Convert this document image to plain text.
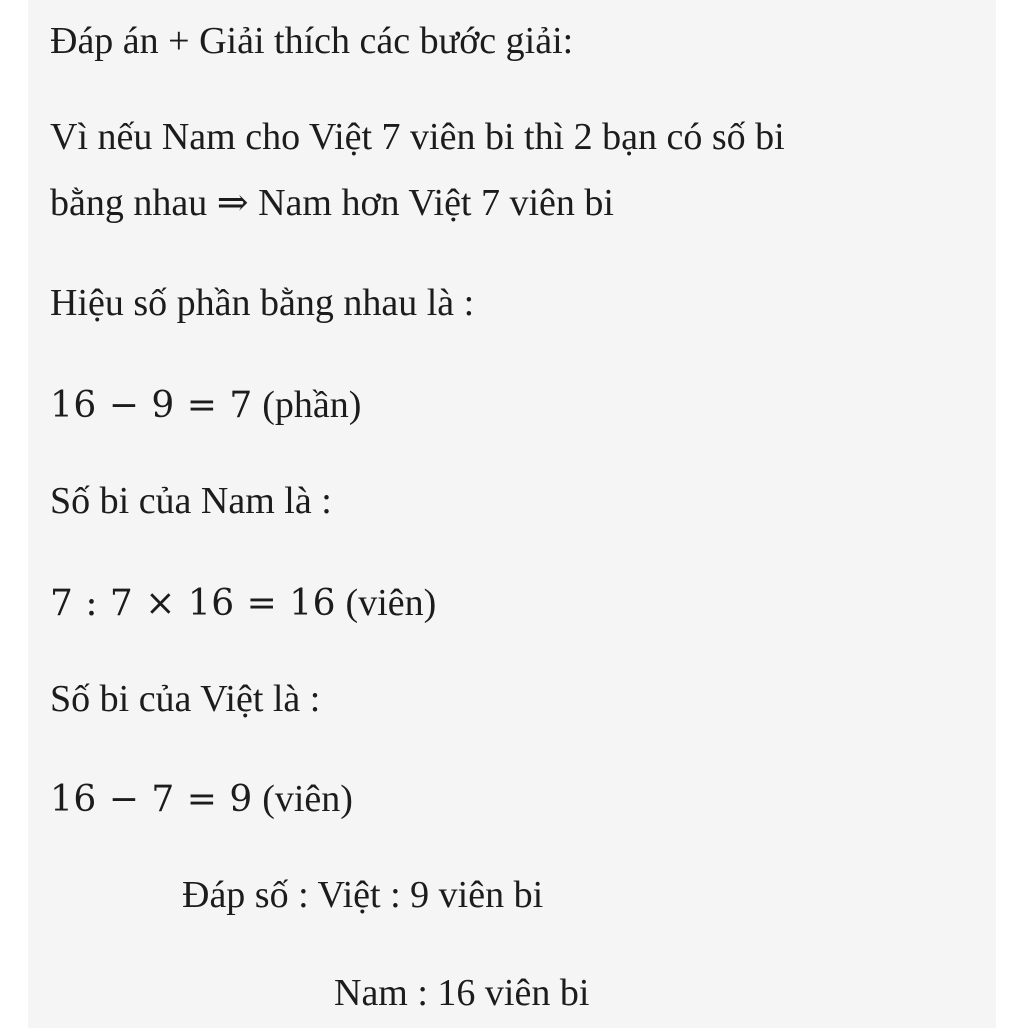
Đáp án + Giải thích các bước giải:
Vì nếu Nam cho Việt 7 viên bi thì 2 bạn có số bi
bằng nhau ⇒ Nam hơn Việt 7 viên bi
Hiệu số phần bằng nhau là :
16 − 9 = 7 (phần)
Số bi của Nam là :
7 : 7 × 16 = 16 (viên)
Số bi của Việt là :
16 − 7 = 9 (viên)
Đáp số : Việt : 9 viên bi
Nam : 16 viên bi
